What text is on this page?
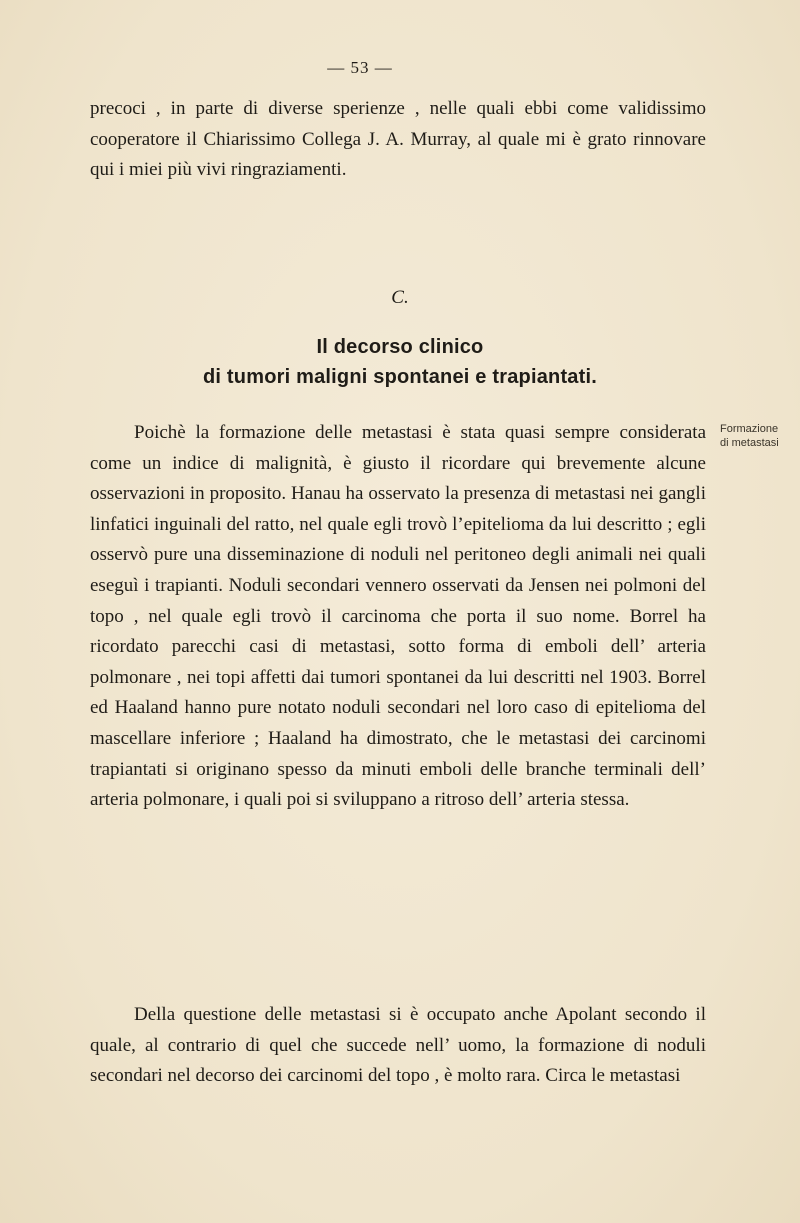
— 53 —

precoci , in parte di diverse sperienze , nelle quali ebbi come validissimo cooperatore il Chiarissimo Collega J. A. Murray, al quale mi è grato rinnovare qui i miei più vivi ringraziamenti.

C.
Il decorso clinico
di tumori maligni spontanei e trapiantati.

Poichè la formazione delle metastasi è stata quasi sempre considerata come un indice di malignità, è giusto il ricordare qui brevemente alcune osservazioni in proposito. Hanau ha osservato la presenza di metastasi nei gangli linfatici inguinali del ratto, nel quale egli trovò l’epitelioma da lui descritto ; egli osservò pure una disseminazione di noduli nel peritoneo degli animali nei quali eseguì i trapianti. Noduli secondari vennero osservati da Jensen nei polmoni del topo , nel quale egli trovò il carcinoma che porta il suo nome. Borrel ha ricordato parecchi casi di metastasi, sotto forma di emboli dell’ arteria polmonare , nei topi affetti dai tumori spontanei da lui descritti nel 1903. Borrel ed Haaland hanno pure notato noduli secondari nel loro caso di epitelioma del mascellare inferiore ; Haaland ha dimostrato, che le metastasi dei carcinomi trapiantati si originano spesso da minuti emboli delle branche terminali dell’ arteria polmonare, i quali poi si sviluppano a ritroso dell’ arteria stessa.

Formazione
di metastasi

Della questione delle metastasi si è occupato anche Apolant secondo il quale, al contrario di quel che succede nell’ uomo, la formazione di noduli secondari nel decorso dei carcinomi del topo , è molto rara. Circa le metastasi
